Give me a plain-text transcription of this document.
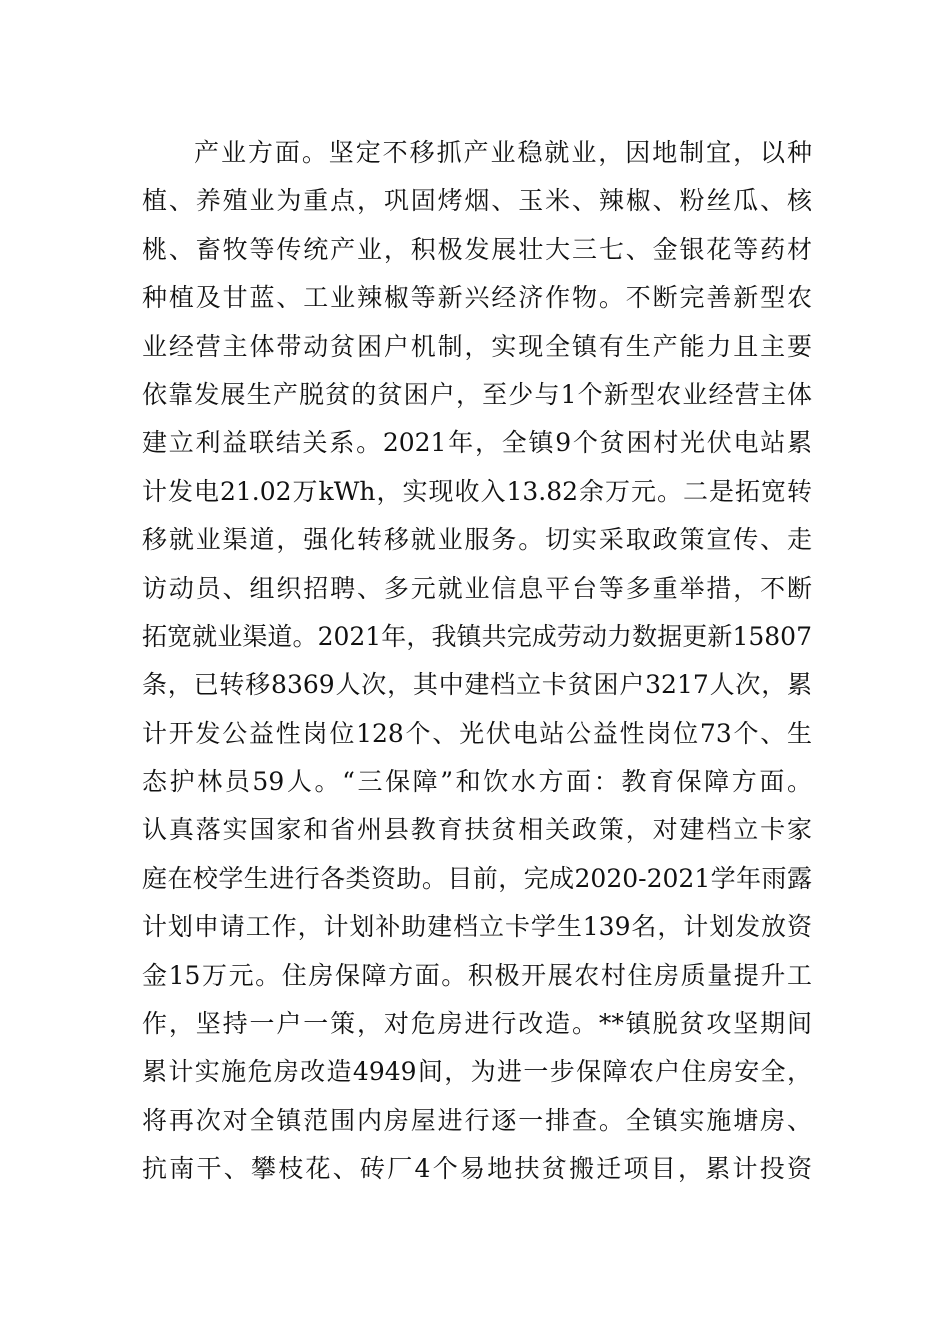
产业方面。坚定不移抓产业稳就业，因地制宜，以种
植、养殖业为重点，巩固烤烟、玉米、辣椒、粉丝瓜、核
桃、畜牧等传统产业，积极发展壮大三七、金银花等药材
种植及甘蓝、工业辣椒等新兴经济作物。不断完善新型农
业经营主体带动贫困户机制，实现全镇有生产能力且主要
依靠发展生产脱贫的贫困户，至少与1个新型农业经营主体
建立利益联结关系。2021年，全镇9个贫困村光伏电站累
计发电21.02万kWh，实现收入13.82余万元。二是拓宽转
移就业渠道，强化转移就业服务。切实采取政策宣传、走
访动员、组织招聘、多元就业信息平台等多重举措，不断
拓宽就业渠道。2021年，我镇共完成劳动力数据更新15807
条，已转移8369人次，其中建档立卡贫困户3217人次，累
计开发公益性岗位128个、光伏电站公益性岗位73个、生
态护林员59人。“三保障”和饮水方面：教育保障方面。
认真落实国家和省州县教育扶贫相关政策，对建档立卡家
庭在校学生进行各类资助。目前，完成2020-2021学年雨露
计划申请工作，计划补助建档立卡学生139名，计划发放资
金15万元。住房保障方面。积极开展农村住房质量提升工
作，坚持一户一策，对危房进行改造。**镇脱贫攻坚期间
累计实施危房改造4949间，为进一步保障农户住房安全，
将再次对全镇范围内房屋进行逐一排查。全镇实施塘房、
抗南干、攀枝花、砖厂4个易地扶贫搬迁项目，累计投资
